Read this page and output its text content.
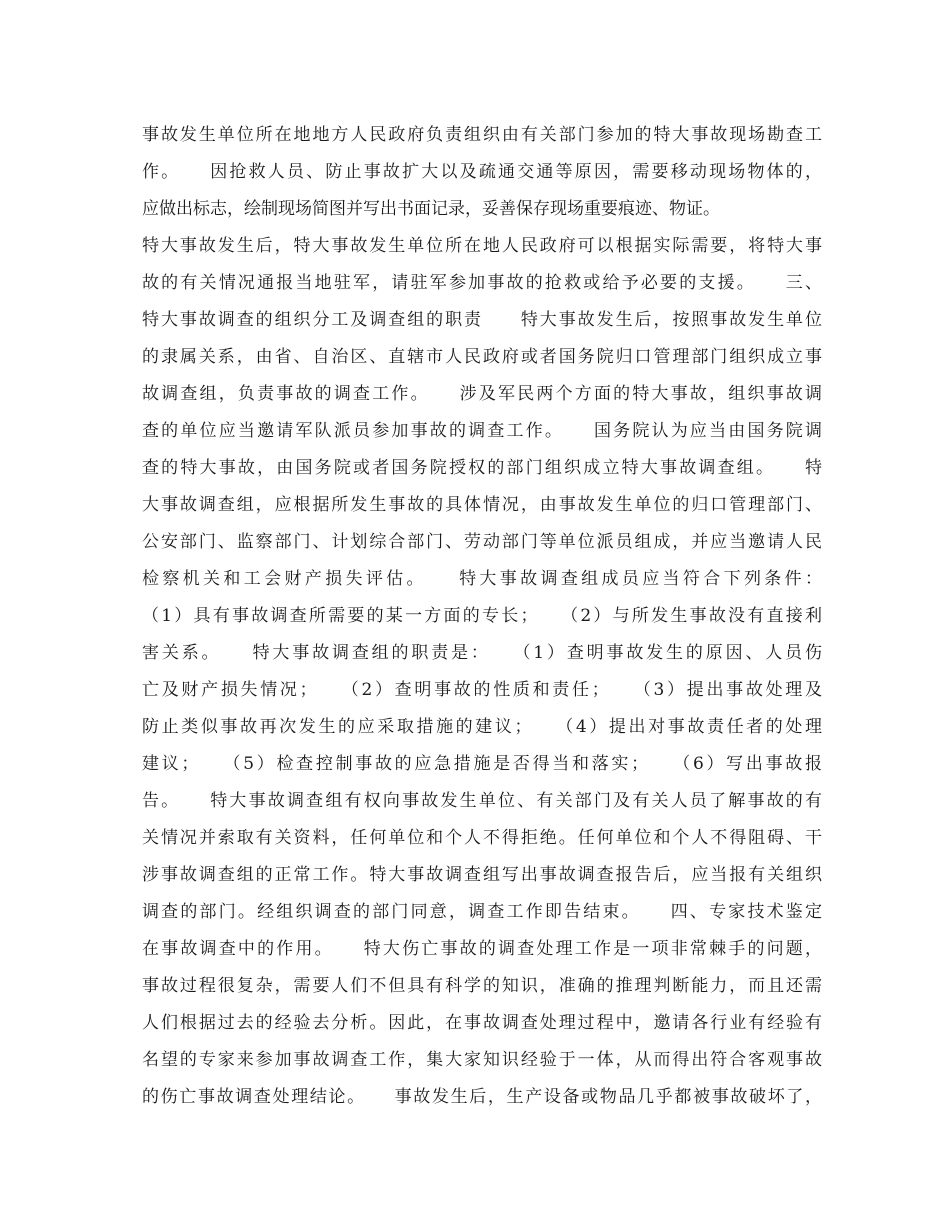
事故发生单位所在地地方人民政府负责组织由有关部门参加的特大事故现场勘查工
作。　　因抢救人员、防止事故扩大以及疏通交通等原因，需要移动现场物体的，
应做出标志，绘制现场简图并写出书面记录，妥善保存现场重要痕迹、物证。
特大事故发生后，特大事故发生单位所在地人民政府可以根据实际需要，将特大事
故的有关情况通报当地驻军，请驻军参加事故的抢救或给予必要的支援。　　三、
特大事故调查的组织分工及调查组的职责　　特大事故发生后，按照事故发生单位
的隶属关系，由省、自治区、直辖市人民政府或者国务院归口管理部门组织成立事
故调查组，负责事故的调查工作。　　涉及军民两个方面的特大事故，组织事故调
查的单位应当邀请军队派员参加事故的调查工作。　　国务院认为应当由国务院调
查的特大事故，由国务院或者国务院授权的部门组织成立特大事故调查组。　　特
大事故调查组，应根据所发生事故的具体情况，由事故发生单位的归口管理部门、
公安部门、监察部门、计划综合部门、劳动部门等单位派员组成，并应当邀请人民
检察机关和工会财产损失评估。　　特大事故调查组成员应当符合下列条件：
（1）具有事故调查所需要的某一方面的专长；　　（2）与所发生事故没有直接利
害关系。　　特大事故调查组的职责是：　　（1）查明事故发生的原因、人员伤
亡及财产损失情况；　　（2）查明事故的性质和责任；　　（3）提出事故处理及
防止类似事故再次发生的应采取措施的建议；　　（4）提出对事故责任者的处理
建议；　　（5）检查控制事故的应急措施是否得当和落实；　　（6）写出事故报
告。　　特大事故调查组有权向事故发生单位、有关部门及有关人员了解事故的有
关情况并索取有关资料，任何单位和个人不得拒绝。任何单位和个人不得阻碍、干
涉事故调查组的正常工作。特大事故调查组写出事故调查报告后，应当报有关组织
调查的部门。经组织调查的部门同意，调查工作即告结束。　　四、专家技术鉴定
在事故调查中的作用。　　特大伤亡事故的调查处理工作是一项非常棘手的问题，
事故过程很复杂，需要人们不但具有科学的知识，准确的推理判断能力，而且还需
人们根据过去的经验去分析。因此，在事故调查处理过程中，邀请各行业有经验有
名望的专家来参加事故调查工作，集大家知识经验于一体，从而得出符合客观事故
的伤亡事故调查处理结论。　　事故发生后，生产设备或物品几乎都被事故破坏了，
